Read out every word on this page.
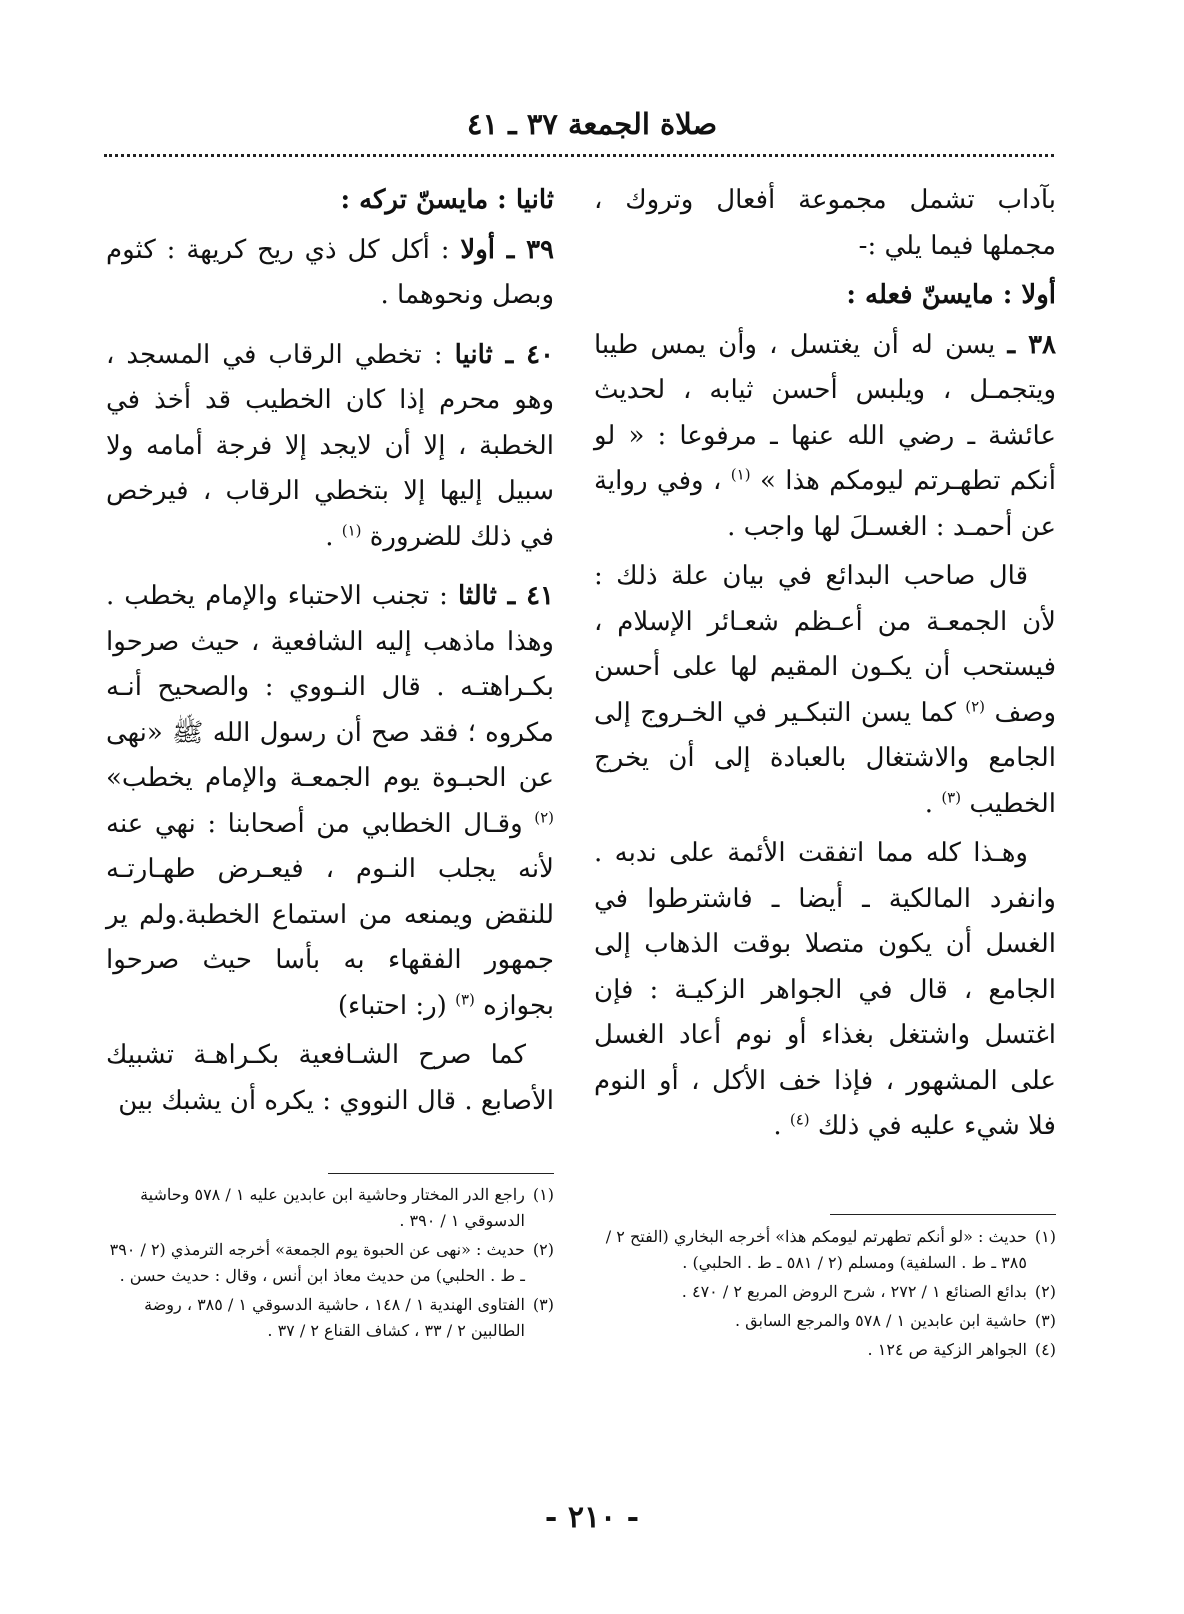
صلاة الجمعة ٣٧ ـ ٤١

بآداب تشمل مجموعة أفعال وتروك ، مجملها فيما يلي :-

أولا : مايسنّ فعله :

٣٨ ـ يسن له أن يغتسل ، وأن يمس طيبا ويتجمـل ، ويلبس أحسن ثيابه ، لحديث عائشة ـ رضي الله عنها ـ مرفوعا : « لو أنكم تطهـرتم ليومكم هذا » $^{(١)}$ ، وفي رواية عن أحمـد : الغسـلَ لها واجب .

قال صاحب البدائع في بيان علة ذلك : لأن الجمعـة من أعـظم شعـائر الإسلام ، فيستحب أن يكـون المقيم لها على أحسن وصف $^{(٢)}$ كما يسن التبكـير في الخـروج إلى الجامع والاشتغال بالعبادة إلى أن يخرج الخطيب $^{(٣)}$ .

وهـذا كله مما اتفقت الأئمة على ندبه . وانفرد المالكية ـ أيضا ـ فاشترطوا في الغسل أن يكون متصلا بوقت الذهاب إلى الجامع ، قال في الجواهر الزكيـة : فإن اغتسل واشتغل بغذاء أو نوم أعاد الغسل على المشهور ، فإذا خف الأكل ، أو النوم فلا شيء عليه في ذلك $^{(٤)}$ .

ثانيا : مايسنّ تركه :

٣٩ ـ أولا : أكل كل ذي ريح كريهة : كثوم وبصل ونحوهما .

٤٠ ـ ثانيا : تخطي الرقاب في المسجد ، وهو محرم إذا كان الخطيب قد أخذ في الخطبة ، إلا أن لايجد إلا فرجة أمامه ولا سبيل إليها إلا بتخطي الرقاب ، فيرخص في ذلك للضرورة $^{(١)}$ .

٤١ ـ ثالثا : تجنب الاحتباء والإمام يخطب . وهذا ماذهب إليه الشافعية ، حيث صرحوا بكـراهتـه . قال النـووي : والصحيح أنـه مكروه ؛ فقد صح أن رسول الله ﷺ «نهى عن الحبـوة يوم الجمعـة والإمام يخطب» $^{(٢)}$ وقـال الخطابي من أصحابنا : نهي عنه لأنه يجلب النـوم ، فيعـرض طهـارتـه للنقض ويمنعه من استماع الخطبة.ولم ير جمهور الفقهاء به بأسا حيث صرحوا بجوازه $^{(٣)}$ (ر: احتباء)

كما صرح الشـافعية بكـراهـة تشبيك الأصابع . قال النووي : يكره أن يشبك بين

(١)
حديث : «لو أنكم تطهرتم ليومكم هذا» أخرجه البخاري (الفتح ٢ / ٣٨٥ ـ ط . السلفية) ومسلم (٢ / ٥٨١ ـ ط . الحلبي) .
(٢)
بدائع الصنائع ١ / ٢٧٢ ، شرح الروض المربع ٢ / ٤٧٠ .
(٣)
حاشية ابن عابدين ١ / ٥٧٨ والمرجع السابق .
(٤)
الجواهر الزكية ص ١٢٤ .
(١)
راجع الدر المختار وحاشية ابن عابدين عليه ١ / ٥٧٨ وحاشية الدسوقي ١ / ٣٩٠ .
(٢)
حديث : «نهى عن الحبوة يوم الجمعة» أخرجه الترمذي (٢ / ٣٩٠ ـ ط . الحلبي) من حديث معاذ ابن أنس ، وقال : حديث حسن .
(٣)
الفتاوى الهندية ١ / ١٤٨ ، حاشية الدسوقي ١ / ٣٨٥ ، روضة الطالبين ٢ / ٣٣ ، كشاف القناع ٢ / ٣٧ .
- ٢١٠ -
